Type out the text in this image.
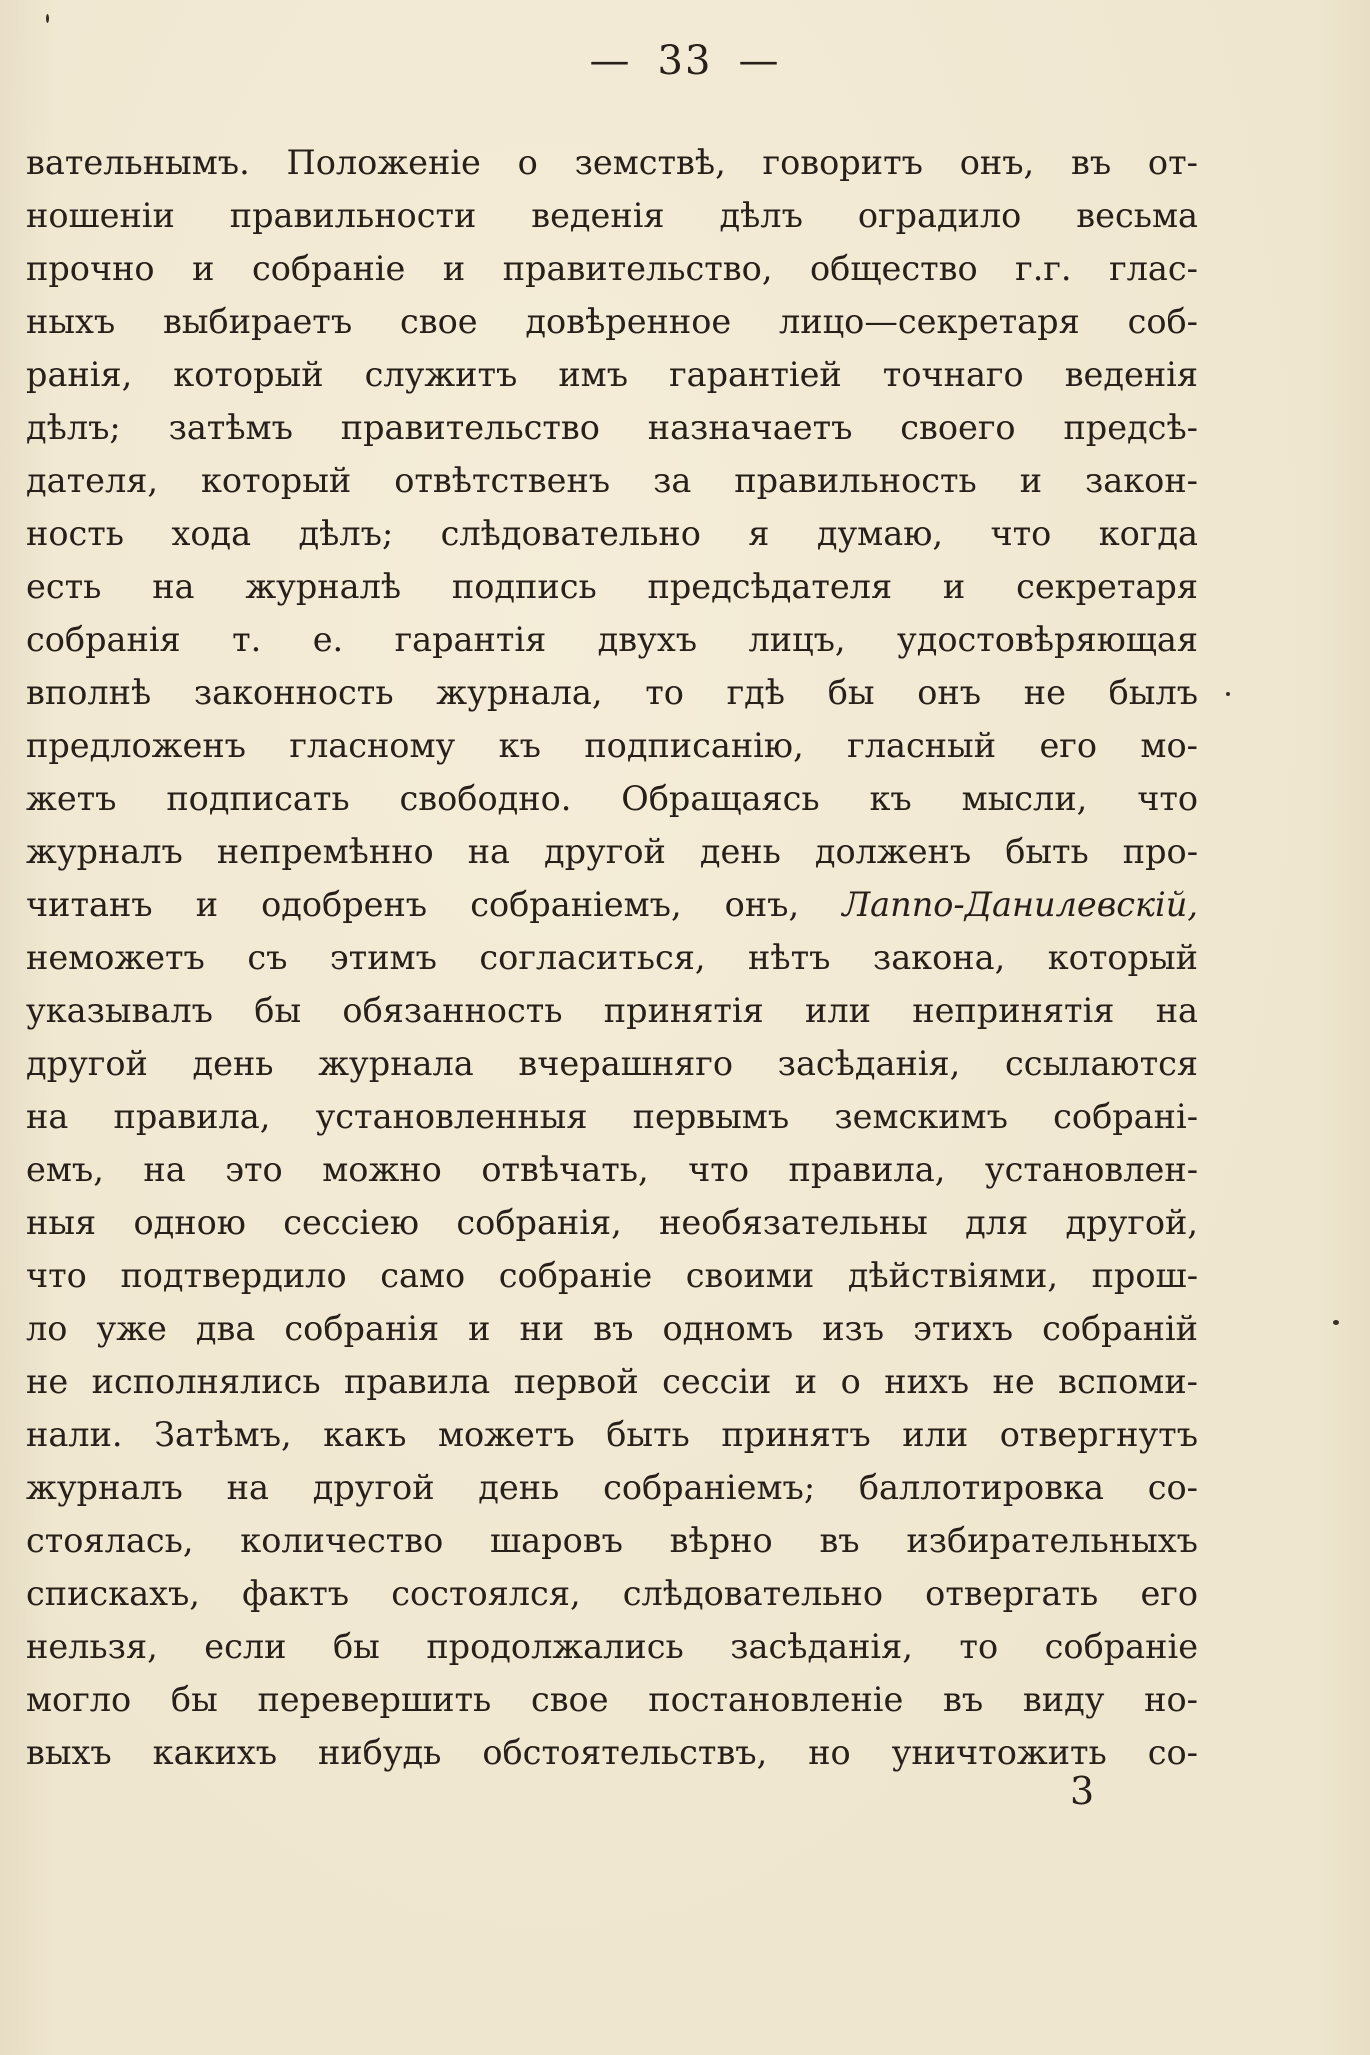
— 33 —
вательнымъ. Положеніе о земствѣ, говоритъ онъ, въ от-
ношеніи правильности веденія дѣлъ оградило весьма
прочно и собраніе и правительство, общество г.г. глас-
ныхъ выбираетъ свое довѣренное лицо—секретаря соб-
ранія, который служитъ имъ гарантіей точнаго веденія
дѣлъ; затѣмъ правительство назначаетъ своего предсѣ-
дателя, который отвѣтственъ за правильность и закон-
ность хода дѣлъ; слѣдовательно я думаю, что когда
есть на журналѣ подпись предсѣдателя и секретаря
собранія т. е. гарантія двухъ лицъ, удостовѣряющая
вполнѣ законность журнала, то гдѣ бы онъ не былъ
предложенъ гласному къ подписанію, гласный его мо-
жетъ подписать свободно. Обращаясь къ мысли, что
журналъ непремѣнно на другой день долженъ быть про-
читанъ и одобренъ собраніемъ, онъ, Лаппо-Данилевскій,
неможетъ съ этимъ согласиться, нѣтъ закона, который
указывалъ бы обязанность принятія или непринятія на
другой день журнала вчерашняго засѣданія, ссылаются
на правила, установленныя первымъ земскимъ собрані-
емъ, на это можно отвѣчать, что правила, установлен-
ныя одною сессіею собранія, необязательны для другой,
что подтвердило само собраніе своими дѣйствіями, прош-
ло уже два собранія и ни въ одномъ изъ этихъ собраній
не исполнялись правила первой сессіи и о нихъ не вспоми-
нали. Затѣмъ, какъ можетъ быть принятъ или отвергнутъ
журналъ на другой день собраніемъ; баллотировка со-
стоялась, количество шаровъ вѣрно въ избирательныхъ
спискахъ, фактъ состоялся, слѣдовательно отвергать его
нельзя, если бы продолжались засѣданія, то собраніе
могло бы перевершить свое постановленіе въ виду но-
выхъ какихъ нибудь обстоятельствъ, но уничтожить со-
3
